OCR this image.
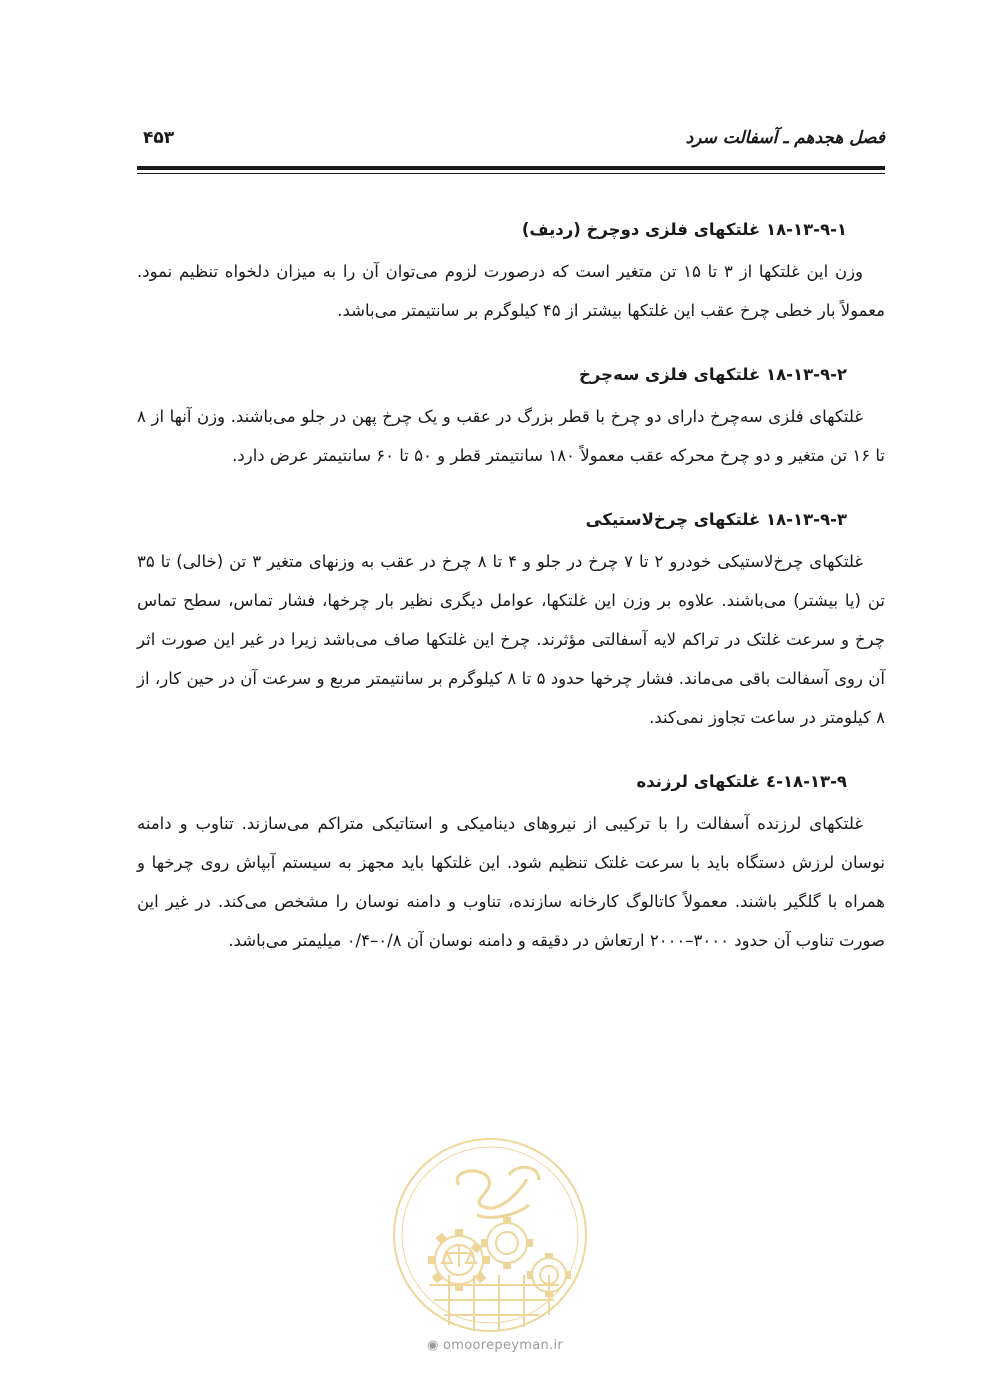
فصل هجدهم ـ آسفالت سرد
۴۵۳
۱۸-۱۳-۹-۱ غلتکهای فلزی دوچرخ (ردیف)

وزن این غلتکها از ۳ تا ۱۵ تن متغیر است که درصورت لزوم می‌توان آن را به میزان دلخواه تنظیم نمود. معمولاً بار خطی چرخ عقب این غلتکها بیشتر از ۴۵ کیلوگرم بر سانتیمتر می‌باشد.

۱۸-۱۳-۹-۲ غلتکهای فلزی سه‌چرخ

غلتکهای فلزی سه‌چرخ دارای دو چرخ با قطر بزرگ در عقب و یک چرخ پهن در جلو می‌باشند. وزن آنها از ۸ تا ۱۶ تن متغیر و دو چرخ محرکه عقب معمولاً ۱۸۰ سانتیمتر قطر و ۵۰ تا ۶۰ سانتیمتر عرض دارد.

۱۸-۱۳-۹-۳ غلتکهای چرخ‌لاستیکی

غلتکهای چرخ‌لاستیکی خودرو ۲ تا ۷ چرخ در جلو و ۴ تا ۸ چرخ در عقب به وزنهای متغیر ۳ تن (خالی) تا ۳۵ تن (یا بیشتر) می‌باشند. علاوه بر وزن این غلتکها، عوامل دیگری نظیر بار چرخها، فشار تماس، سطح تماس چرخ و سرعت غلتک در تراکم لایه آسفالتی مؤثرند. چرخ این غلتکها صاف می‌باشد زیرا در غیر این صورت اثر آن روی آسفالت باقی می‌ماند. فشار چرخها حدود ۵ تا ۸ کیلوگرم بر سانتیمتر مربع و سرعت آن در حین کار، از ۸ کیلومتر در ساعت تجاوز نمی‌کند.

۱۸-۱۳-۹-٤ غلتکهای لرزنده

غلتکهای لرزنده آسفالت را با ترکیبی از نیروهای دینامیکی و استاتیکی متراکم می‌سازند. تناوب و دامنه نوسان لرزش دستگاه باید با سرعت غلتک تنظیم شود. این غلتکها باید مجهز به سیستم آبپاش روی چرخها و همراه با گلگیر باشند. معمولاً کاتالوگ کارخانه سازنده، تناوب و دامنه نوسان را مشخص می‌کند. در غیر این صورت تناوب آن حدود ۳۰۰۰–۲۰۰۰ ارتعاش در دقیقه و دامنه نوسان آن ۰/۸–۰/۴ میلیمتر می‌باشد.

◉ omoorepeyman.ir
